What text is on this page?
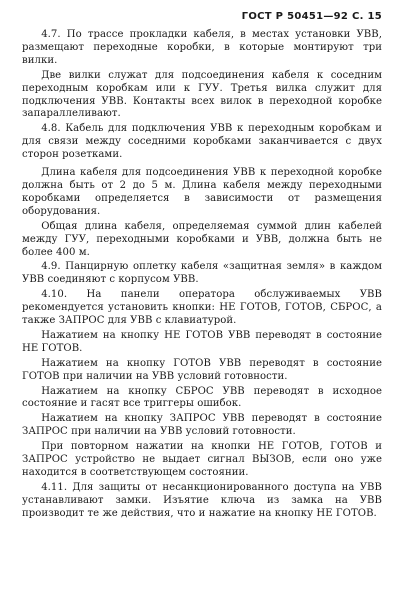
ГОСТ Р 50451—92 С. 15

4.7. По трассе прокладки кабеля, в местах установки УВВ, размещают переходные коробки, в которые монтируют три вилки.

Две вилки служат для подсоединения кабеля к соседним переходным коробкам или к ГУУ. Третья вилка служит для подключения УВВ. Контакты всех вилок в переходной коробке запараллеливают.

4.8. Кабель для подключения УВВ к переходным коробкам и для связи между соседними коробками заканчивается с двух сторон розетками.

Длина кабеля для подсоединения УВВ к переходной коробке должна быть от 2 до 5 м. Длина кабеля между переходными коробками определяется в зависимости от размещения оборудования.

Общая длина кабеля, определяемая суммой длин кабелей между ГУУ, переходными коробками и УВВ, должна быть не более 400 м.

4.9. Панцирную оплетку кабеля «защитная земля» в каждом УВВ соединяют с корпусом УВВ.

4.10. На панели оператора обслуживаемых УВВ рекомендуется установить кнопки: НЕ ГОТОВ, ГОТОВ, СБРОС, а также ЗАПРОС для УВВ с клавиатурой.

Нажатием на кнопку НЕ ГОТОВ УВВ переводят в состояние НЕ ГОТОВ.

Нажатием на кнопку ГОТОВ УВВ переводят в состояние ГОТОВ при наличии на УВВ условий готовности.

Нажатием на кнопку СБРОС УВВ переводят в исходное состояние и гасят все триггеры ошибок.

Нажатием на кнопку ЗАПРОС УВВ переводят в состояние ЗАПРОС при наличии на УВВ условий готовности.

При повторном нажатии на кнопки НЕ ГОТОВ, ГОТОВ и ЗАПРОС устройство не выдает сигнал ВЫЗОВ, если оно уже находится в соответствующем состоянии.

4.11. Для защиты от несанкционированного доступа на УВВ устанавливают замки. Изъятие ключа из замка на УВВ производит те же действия, что и нажатие на кнопку НЕ ГОТОВ.
